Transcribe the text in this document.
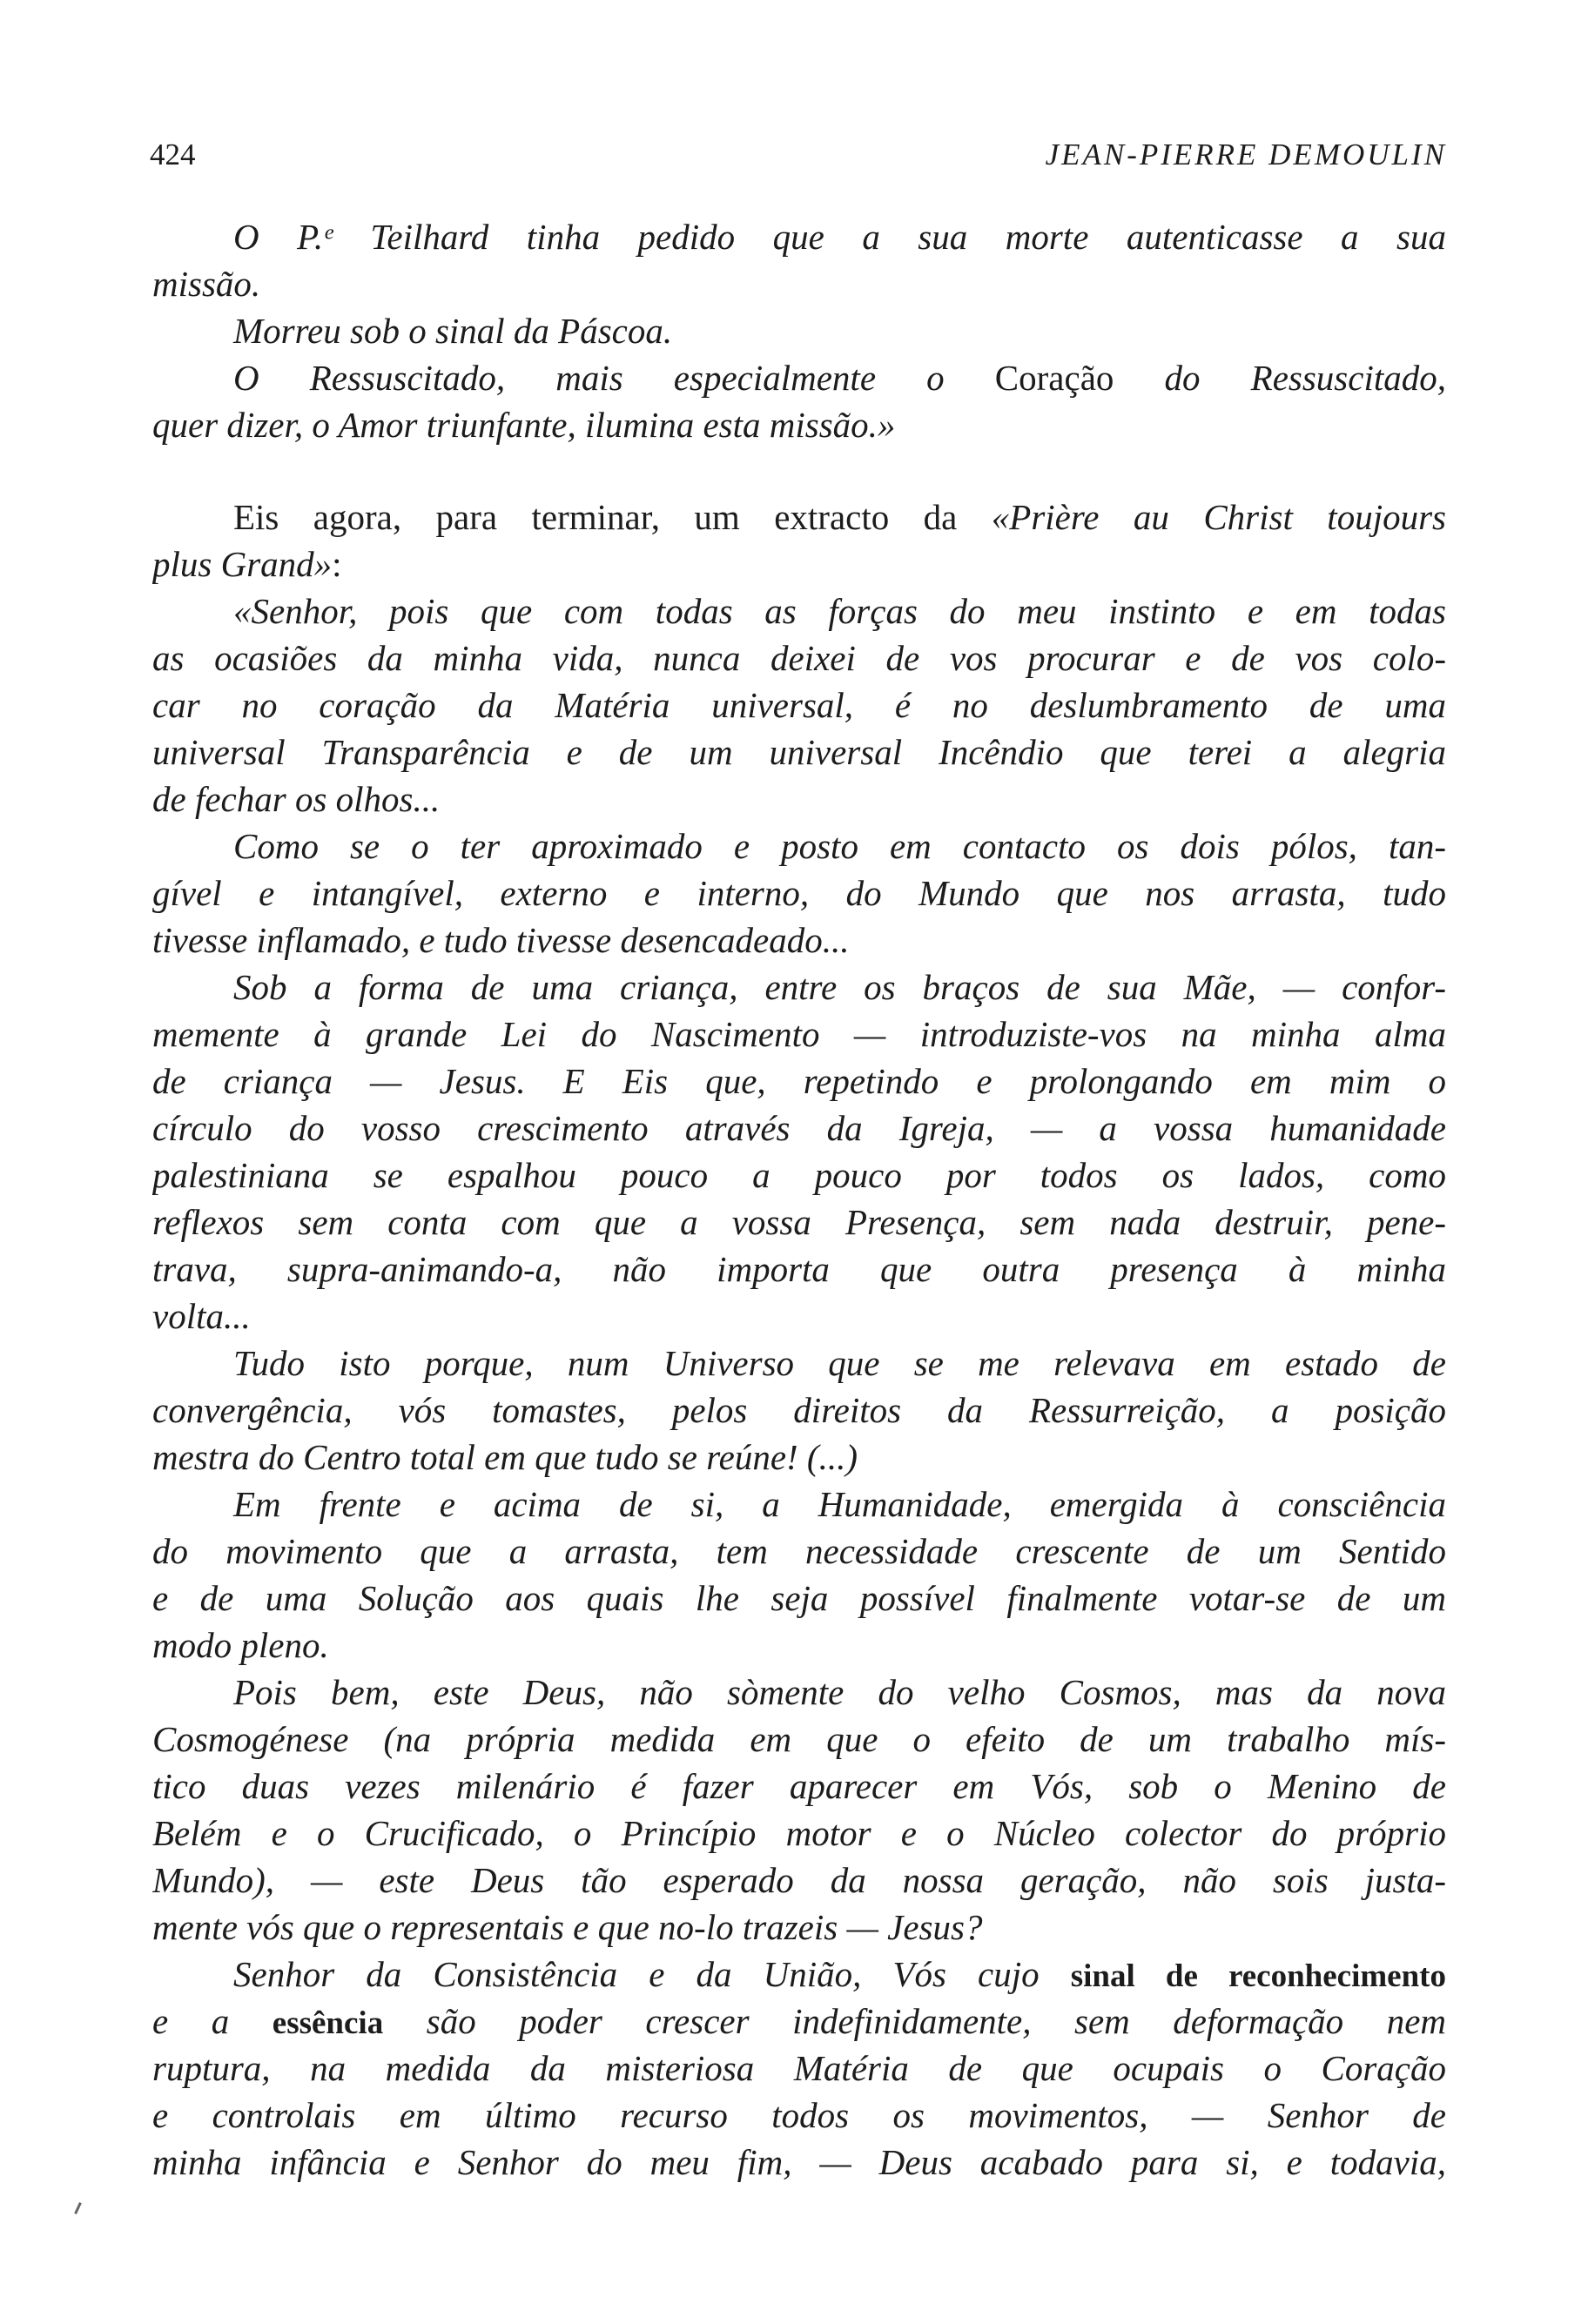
424	JEAN-PIERRE DEMOULIN
O P.ᵉ Teilhard tinha pedido que a sua morte autenticasse a sua
missão.
Morreu sob o sinal da Páscoa.
O Ressuscitado, mais especialmente o Coração do Ressuscitado,
quer dizer, o Amor triunfante, ilumina esta missão.»
Eis agora, para terminar, um extracto da «Prière au Christ toujours
plus Grand»:
«Senhor, pois que com todas as forças do meu instinto e em todas
as ocasiões da minha vida, nunca deixei de vos procurar e de vos colo-
car no coração da Matéria universal, é no deslumbramento de uma
universal Transparência e de um universal Incêndio que terei a alegria
de fechar os olhos...
Como se o ter aproximado e posto em contacto os dois pólos, tan-
gível e intangível, externo e interno, do Mundo que nos arrasta, tudo
tivesse inflamado, e tudo tivesse desencadeado...
Sob a forma de uma criança, entre os braços de sua Mãe, — confor-
memente à grande Lei do Nascimento — introduziste-vos na minha alma
de criança — Jesus. E Eis que, repetindo e prolongando em mim o
círculo do vosso crescimento através da Igreja, — a vossa humanidade
palestiniana se espalhou pouco a pouco por todos os lados, como
reflexos sem conta com que a vossa Presença, sem nada destruir, pene-
trava, supra-animando-a, não importa que outra presença à minha
volta...
Tudo isto porque, num Universo que se me relevava em estado de
convergência, vós tomastes, pelos direitos da Ressurreição, a posição
mestra do Centro total em que tudo se reúne! (...)
Em frente e acima de si, a Humanidade, emergida à consciência
do movimento que a arrasta, tem necessidade crescente de um Sentido
e de uma Solução aos quais lhe seja possível finalmente votar-se de um
modo pleno.
Pois bem, este Deus, não sòmente do velho Cosmos, mas da nova
Cosmogénese (na própria medida em que o efeito de um trabalho mís-
tico duas vezes milenário é fazer aparecer em Vós, sob o Menino de
Belém e o Crucificado, o Princípio motor e o Núcleo colector do próprio
Mundo), — este Deus tão esperado da nossa geração, não sois justa-
mente vós que o representais e que no-lo trazeis — Jesus?
Senhor da Consistência e da União, Vós cujo sinal de reconhecimento
e a essência são poder crescer indefinidamente, sem deformação nem
ruptura, na medida da misteriosa Matéria de que ocupais o Coração
e controlais em último recurso todos os movimentos, — Senhor de
minha infância e Senhor do meu fim, — Deus acabado para si, e todavia,
